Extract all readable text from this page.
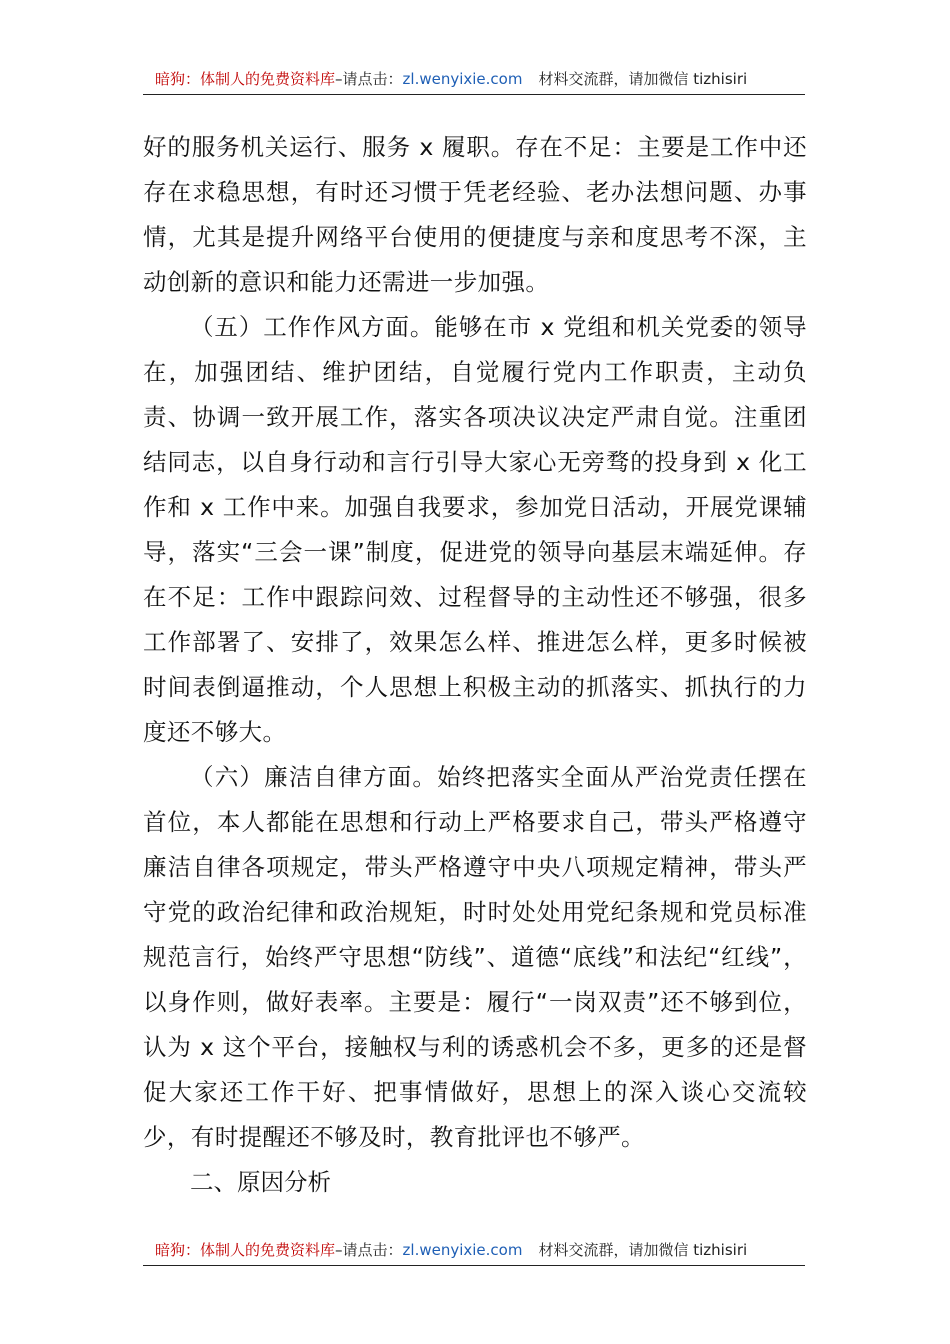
暗狗：体制人的免费资料库–请点击：zl.wenyixie.com 材料交流群，请加微信 tizhisiri

好的服务机关运行、服务 x 履职。存在不足：主要是工作中还存在求稳思想，有时还习惯于凭老经验、老办法想问题、办事情，尤其是提升网络平台使用的便捷度与亲和度思考不深，主动创新的意识和能力还需进一步加强。

（五）工作作风方面。能够在市 x 党组和机关党委的领导在，加强团结、维护团结，自觉履行党内工作职责，主动负责、协调一致开展工作，落实各项决议决定严肃自觉。注重团结同志，以自身行动和言行引导大家心无旁骛的投身到 x 化工作和 x 工作中来。加强自我要求，参加党日活动，开展党课辅导，落实“三会一课”制度，促进党的领导向基层末端延伸。存在不足：工作中跟踪问效、过程督导的主动性还不够强，很多工作部署了、安排了，效果怎么样、推进怎么样，更多时候被时间表倒逼推动，个人思想上积极主动的抓落实、抓执行的力度还不够大。

（六）廉洁自律方面。始终把落实全面从严治党责任摆在首位，本人都能在思想和行动上严格要求自己，带头严格遵守廉洁自律各项规定，带头严格遵守中央八项规定精神，带头严守党的政治纪律和政治规矩，时时处处用党纪条规和党员标准规范言行，始终严守思想“防线”、道德“底线”和法纪“红线”，以身作则，做好表率。主要是：履行“一岗双责”还不够到位，认为 x 这个平台，接触权与利的诱惑机会不多，更多的还是督促大家还工作干好、把事情做好，思想上的深入谈心交流较少，有时提醒还不够及时，教育批评也不够严。

二、原因分析

暗狗：体制人的免费资料库–请点击：zl.wenyixie.com 材料交流群，请加微信 tizhisiri
